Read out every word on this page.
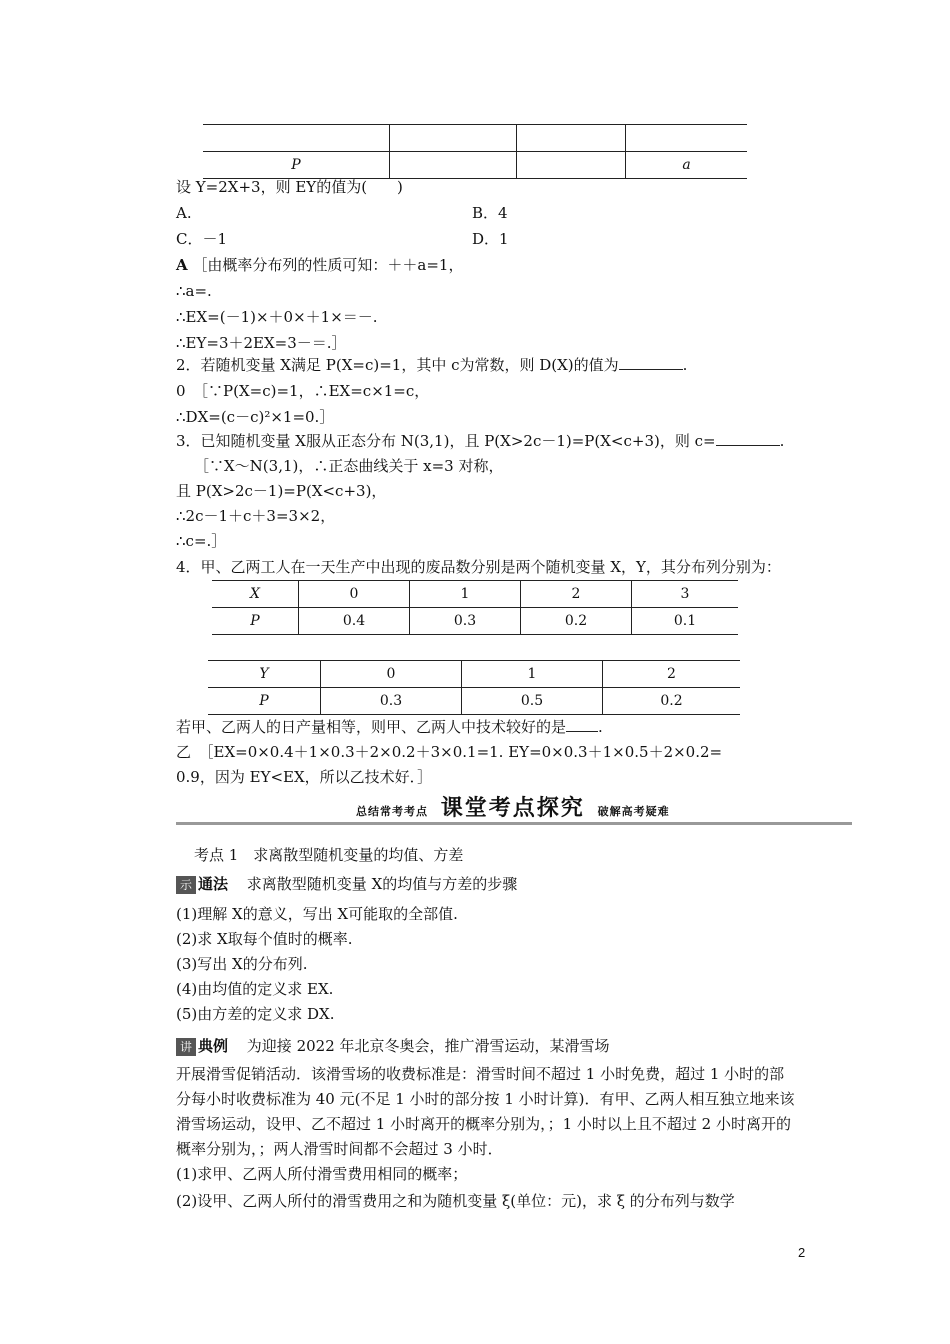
P			a
设 Y=2X+3，则 EY的值为(　　)
A.	B．4
C．－1	D．1
A ［由概率分布列的性质可知：＋＋a=1，
∴a=.
∴EX=(－1)×＋0×＋1×＝－.
∴EY=3＋2EX=3－＝.］
2．若随机变量 X满足 P(X=c)=1，其中 c为常数，则 D(X)的值为	.
0　［∵P(X=c)=1，∴EX=c×1=c，
∴DX=(c－c)²×1=0.］
3．已知随机变量 X服从正态分布 N(3,1)，且 P(X>2c－1)=P(X<c+3)，则 c=	.
［∵X～N(3,1)，∴正态曲线关于 x=3 对称，
且 P(X>2c－1)=P(X<c+3)，
∴2c－1＋c＋3=3×2，
∴c=.］
4．甲、乙两工人在一天生产中出现的废品数分别是两个随机变量 X，Y，其分布列分别为：
X	0	1	2	3
P	0.4	0.3	0.2	0.1
Y	0	1	2
P	0.3	0.5	0.2
若甲、乙两人的日产量相等，则甲、乙两人中技术较好的是 .
乙　［EX=0×0.4＋1×0.3＋2×0.2＋3×0.1=1. EY=0×0.3＋1×0.5＋2×0.2=
0.9，因为 EY<EX，所以乙技术好．］
总结常考考点 课堂考点探究 破解高考疑难
考点 1　求离散型随机变量的均值、方差
示 通法 求离散型随机变量 X的均值与方差的步骤
(1)理解 X的意义，写出 X可能取的全部值.
(2)求 X取每个值时的概率.
(3)写出 X的分布列.
(4)由均值的定义求 EX.
(5)由方差的定义求 DX.
讲 典例 为迎接 2022 年北京冬奥会，推广滑雪运动，某滑雪场
开展滑雪促销活动．该滑雪场的收费标准是：滑雪时间不超过 1 小时免费，超过 1 小时的部
分每小时收费标准为 40 元(不足 1 小时的部分按 1 小时计算)．有甲、乙两人相互独立地来该
滑雪场运动，设甲、乙不超过 1 小时离开的概率分别为，；1 小时以上且不超过 2 小时离开的
概率分别为，；两人滑雪时间都不会超过 3 小时．
(1)求甲、乙两人所付滑雪费用相同的概率；
(2)设甲、乙两人所付的滑雪费用之和为随机变量 ξ(单位：元)，求 ξ 的分布列与数学
2
